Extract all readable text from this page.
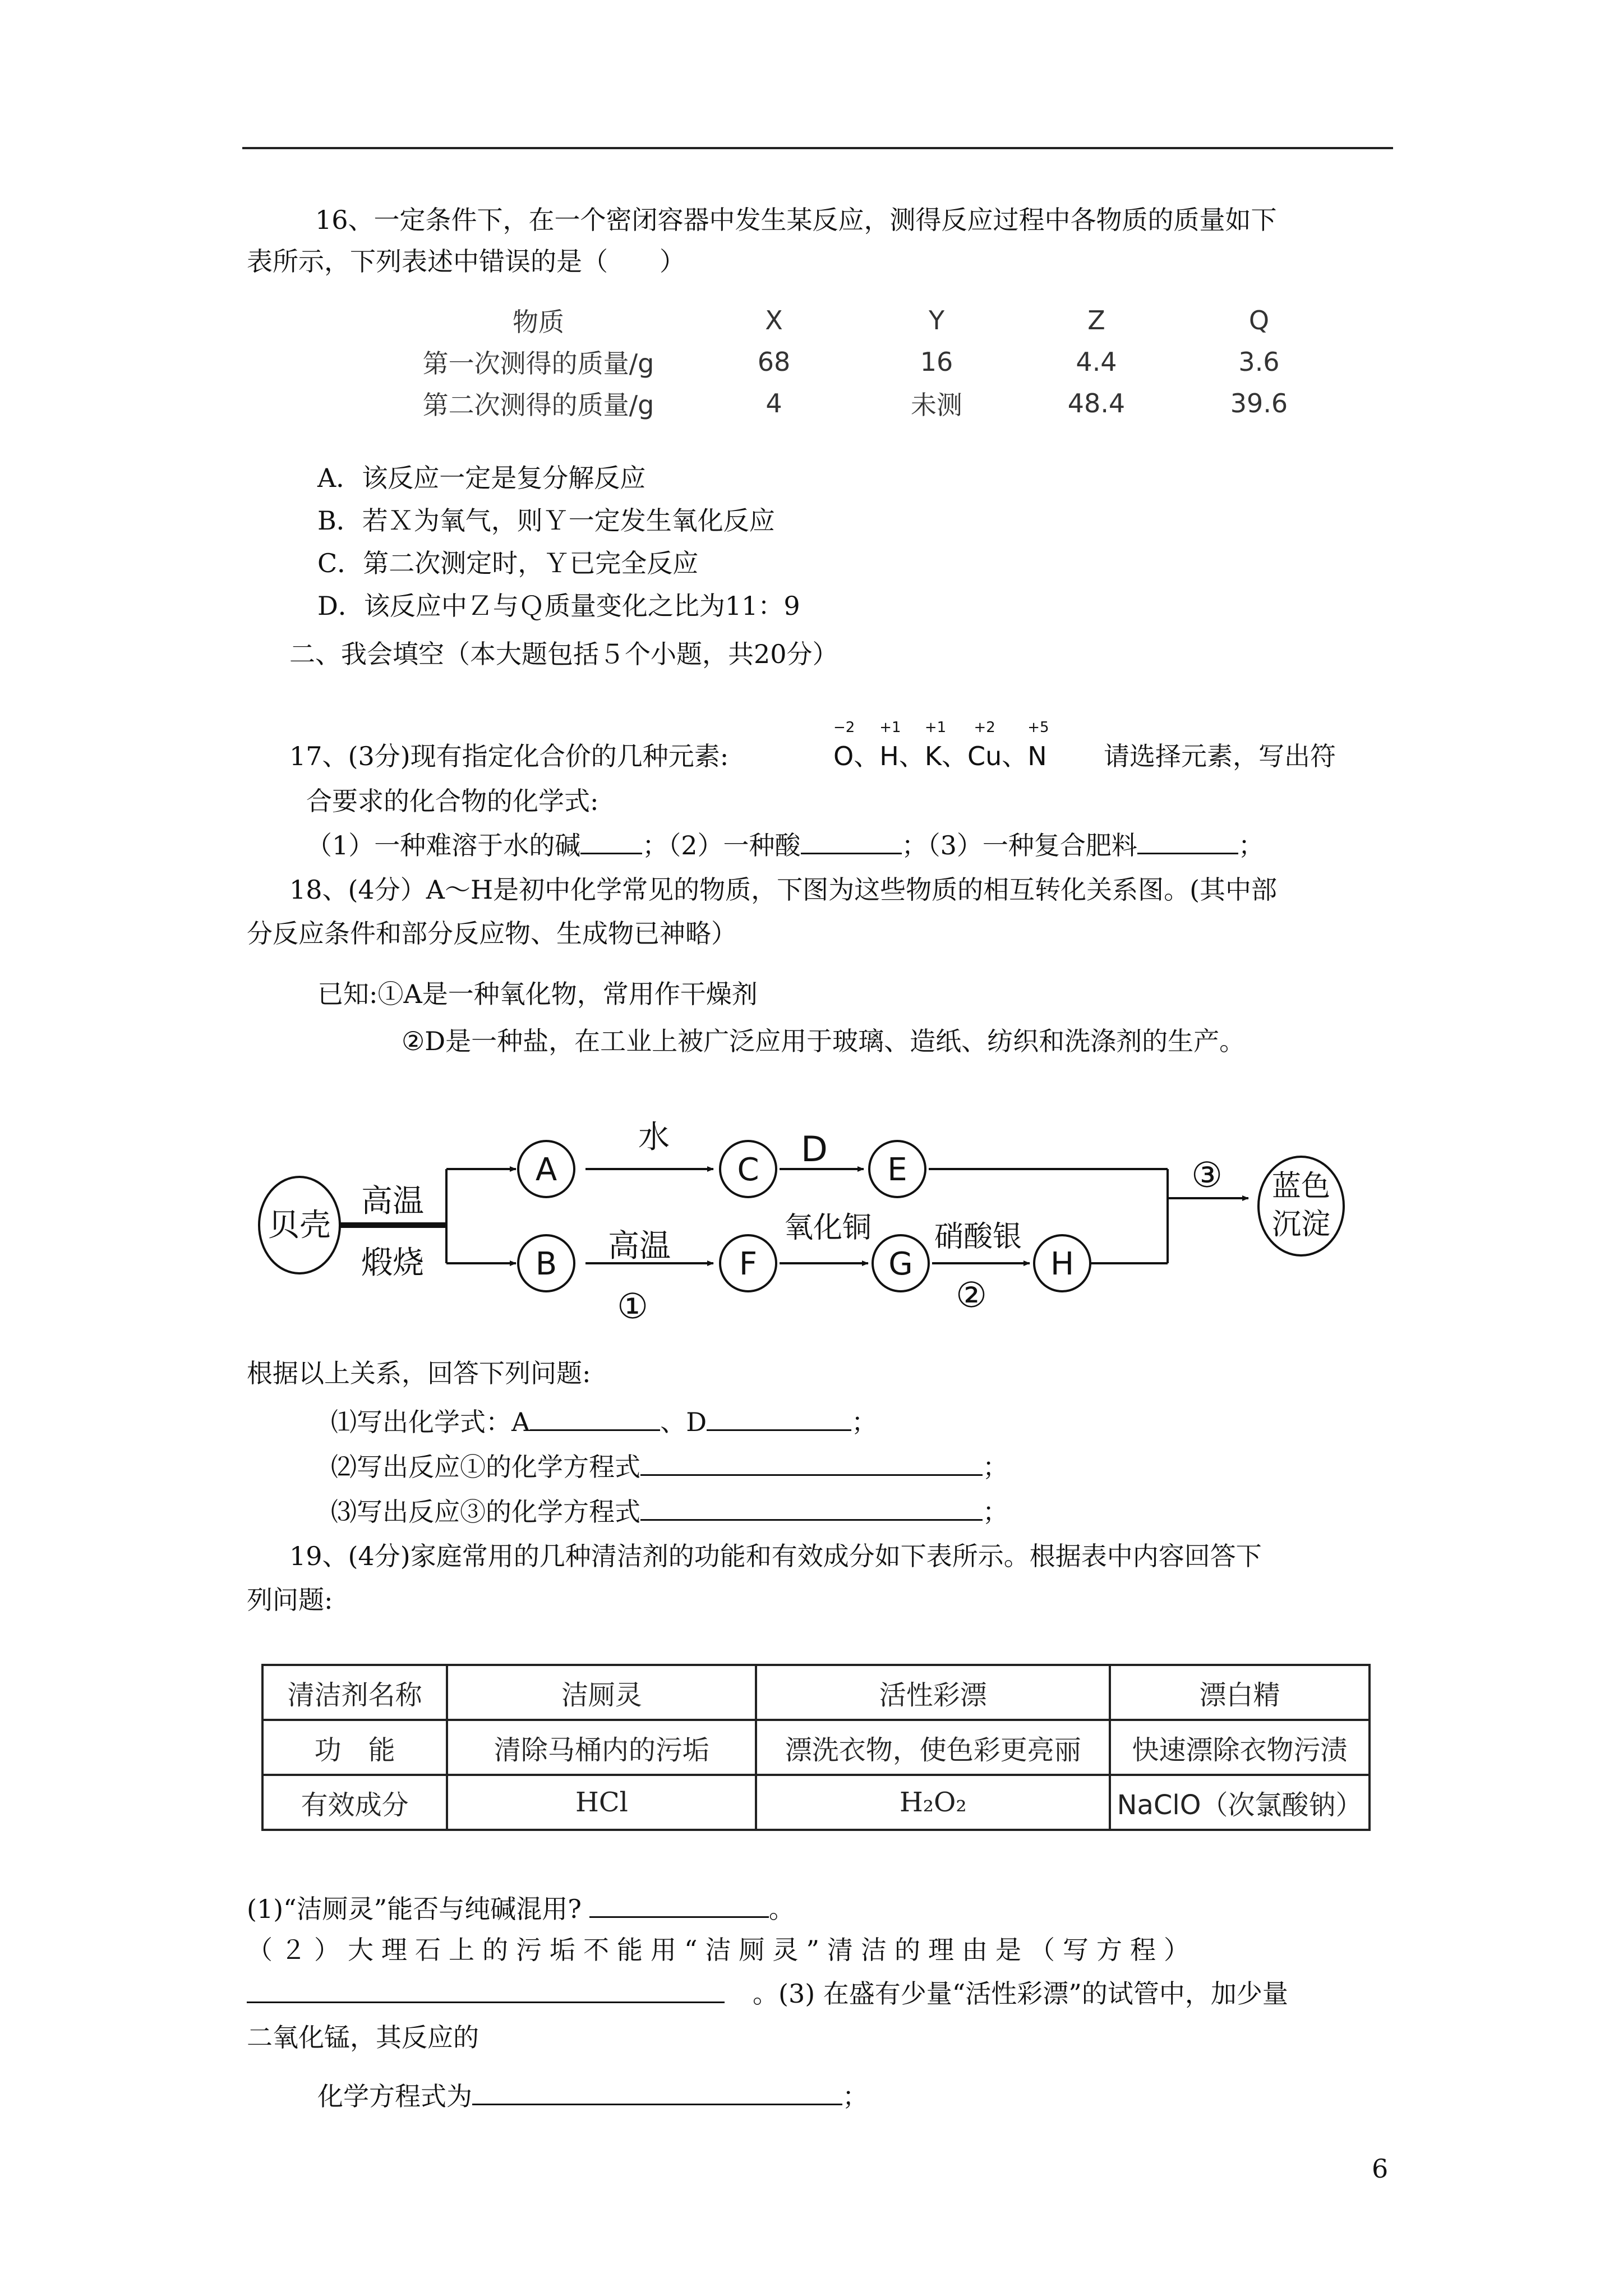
16、一定条件下，在一个密闭容器中发生某反应，测得反应过程中各物质的质量如下
表所示，下列表述中错误的是（　　）
物质	X	Y	Z	Q
第一次测得的质量/g	68	16	4.4	3.6
第二次测得的质量/g	4	未测	48.4	39.6
A．该反应一定是复分解反应
B．若Ｘ为氧气，则Ｙ一定发生氧化反应
C．第二次测定时，Ｙ已完全反应
D．该反应中Ｚ与Ｑ质量变化之比为11：9
二、我会填空（本大题包括５个小题，共20分）
17、(3分)现有指定化合价的几种元素:
−2
O、
+1
H、
+1
K、
+2
Cu、
+5
N 请选择元素，写出符
合要求的化合物的化学式:
（1）一种难溶于水的碱 ；（2）一种酸	；（3）一种复合肥料	；
18、(4分）A～H是初中化学常见的物质，下图为这些物质的相互转化关系图。(其中部
分反应条件和部分反应物、生成物已神略）
已知:①A是一种氧化物，常用作干燥剂
②D是一种盐，在工业上被广泛应用于玻璃、造纸、纺织和洗涤剂的生产。
贝壳
高温
煅烧
A
B
C	E
F	G	H
水	D
高温
①
氧化铜 硝酸银
②
③ 蓝色
沉淀
根据以上关系，回答下列问题:
⑴写出化学式：A	、D	；
⑵写出反应①的化学方程式	；
⑶写出反应③的化学方程式	；
19、(4分)家庭常用的几种清洁剂的功能和有效成分如下表所示。根据表中内容回答下
列问题:
清洁剂名称	洁厕灵	活性彩漂	漂白精
功　能	清除马桶内的污垢	漂洗衣物，使色彩更亮丽	快速漂除衣物污渍
有效成分	HCl	H₂O₂	NaClO（次氯酸钠）
(1)“洁厕灵”能否与纯碱混用?	。
（２）大理石上的污垢不能用“洁厕灵”清洁的理由是（写方程）
。(3) 在盛有少量“活性彩漂”的试管中，加少量
二氧化锰，其反应的
化学方程式为	；
6
